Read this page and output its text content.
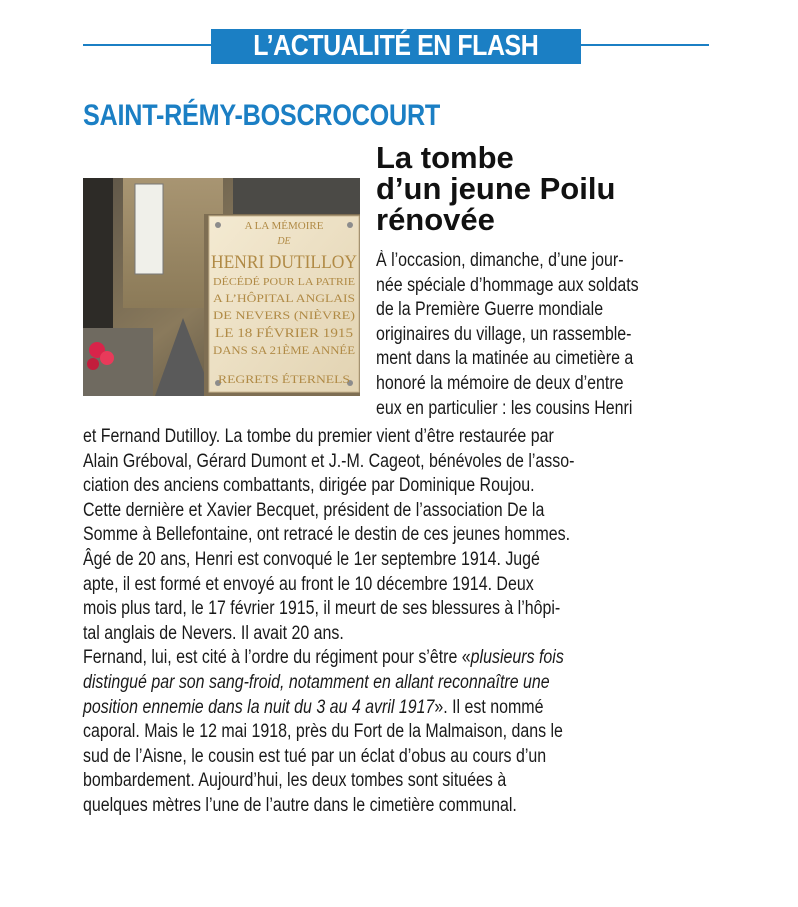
L’ACTUALITÉ EN FLASH
SAINT-RÉMY-BOSCROCOURT
A LA MÉMOIRE
DE
HENRI DUTILLOY
DÉCÉDÉ POUR LA PATRIE
A L’HÔPITAL ANGLAIS
DE NEVERS (NIÈVRE)
LE 18 FÉVRIER 1915
DANS SA 21ÈME ANNÉE
REGRETS ÉTERNELS
La tombe
d’un jeune Poilu
rénovée
À l’occasion, dimanche, d’une jour-
née spéciale d’hommage aux soldats
de la Première Guerre mondiale
originaires du village, un rassemble-
ment dans la matinée au cimetière a
honoré la mémoire de deux d’entre
eux en particulier : les cousins Henri
et Fernand Dutilloy. La tombe du premier vient d’être restaurée par
Alain Gréboval, Gérard Dumont et J.-M. Cageot, bénévoles de l’asso-
ciation des anciens combattants, dirigée par Dominique Roujou.
Cette dernière et Xavier Becquet, président de l’association De la
Somme à Bellefontaine, ont retracé le destin de ces jeunes hommes.
Âgé de 20 ans, Henri est convoqué le 1er septembre 1914. Jugé
apte, il est formé et envoyé au front le 10 décembre 1914. Deux
mois plus tard, le 17 février 1915, il meurt de ses blessures à l’hôpi-
tal anglais de Nevers. Il avait 20 ans.
Fernand, lui, est cité à l’ordre du régiment pour s’être «plusieurs fois
distingué par son sang-froid, notamment en allant reconnaître une
position ennemie dans la nuit du 3 au 4 avril 1917». Il est nommé
caporal. Mais le 12 mai 1918, près du Fort de la Malmaison, dans le
sud de l’Aisne, le cousin est tué par un éclat d’obus au cours d’un
bombardement. Aujourd’hui, les deux tombes sont situées à
quelques mètres l’une de l’autre dans le cimetière communal.
